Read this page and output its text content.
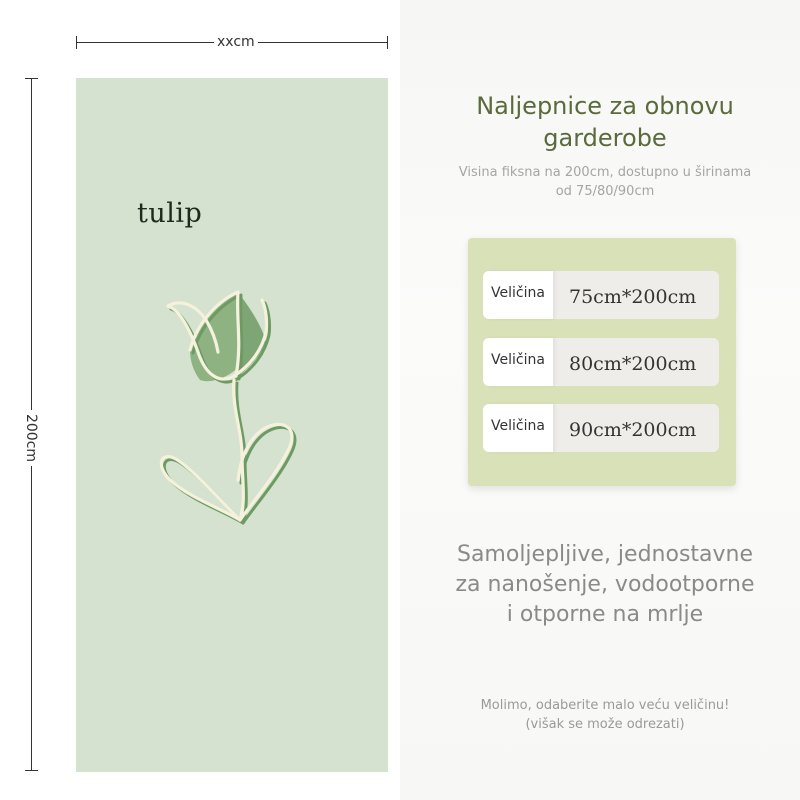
xxcm
200cm
tulip
Naljepnice za obnovu
garderobe
Visina fiksna na 200cm, dostupno u širinama
od 75/80/90cm
Veličina	75cm*200cm
Veličina	80cm*200cm
Veličina	90cm*200cm
Samoljepljive, jednostavne
za nanošenje, vodootporne
i otporne na mrlje
Molimo, odaberite malo veću veličinu!
(višak se može odrezati)
